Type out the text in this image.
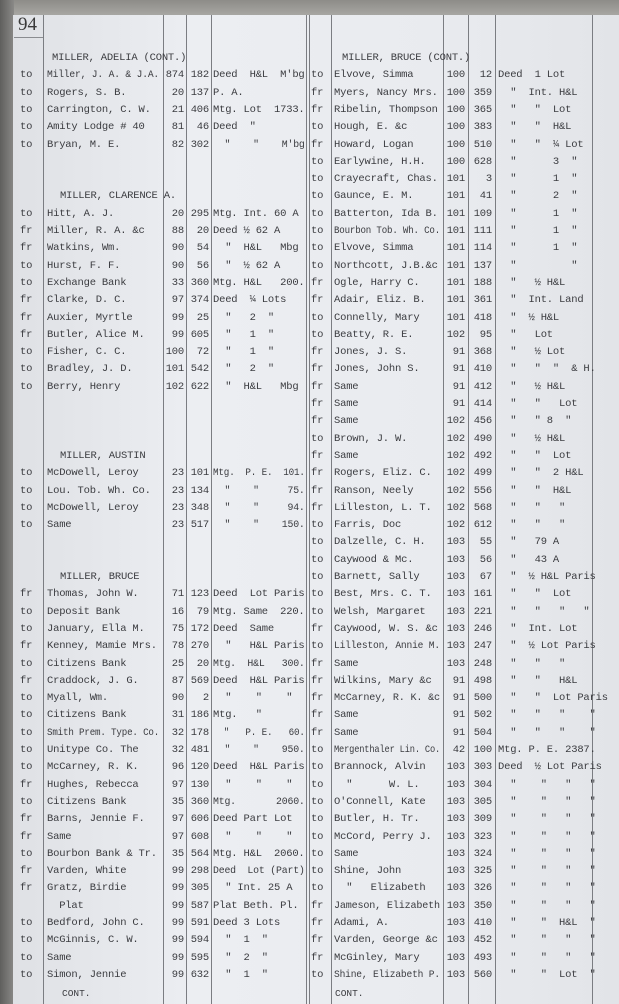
94
MILLER, ADELIA (CONT.)
to Miller, J. A. & J.A. 874 182 Deed  H&L  M'bg
to Rogers, S. B.	20 137 P. A.
to Carrington, C. W.	21 406 Mtg. Lot  1733.
to Amity Lodge # 40	81	46 Deed  "
to Bryan, M. E.	82 302 "    "    M'bg
MILLER, CLARENCE A.
to Hitt, A. J.	20 295 Mtg. Int. 60 A
fr Miller, R. A. &c	88	20 Deed ½ 62 A
fr Watkins, Wm.	90	54 "  H&L   Mbg
to Hurst, F. F.	90	56 "  ½ 62 A
to Exchange Bank	33 360 Mtg. H&L   200.
fr Clarke, D. C.	97 374 Deed  ¼ Lots
fr Auxier, Myrtle	99	25 "   2  "
fr Butler, Alice M.	99 605 "   1  "
to Fisher, C. C.	100	72 "   1  "
to Bradley, J. D.	101 542 "   2  "
to Berry, Henry	102 622 "  H&L   Mbg
MILLER, AUSTIN
to McDowell, Leroy	23 101 Mtg.  P. E.  101.
to Lou. Tob. Wh. Co.	23 134 "    "     75.
to McDowell, Leroy	23 348 "    "     94.
to Same	23 517 "    "    150.
MILLER, BRUCE
fr Thomas, John W.	71 123 Deed  Lot Paris
to Deposit Bank	16	79 Mtg. Same  220.
to January, Ella M.	75 172 Deed  Same
fr Kenney, Mamie Mrs.	78 270 "   H&L Paris
to Citizens Bank	25	20 Mtg.  H&L   300.
fr Craddock, J. G.	87 569 Deed  H&L Paris
to Myall, Wm.	90	2 "    "    "
to Citizens Bank	31 186 Mtg.   "
to Smith Prem. Type. Co.	32 178 "   P. E.   60.
to Unitype Co. The	32 481 "    "    950.
to McCarney, R. K.	96 120 Deed  H&L Paris
fr Hughes, Rebecca	97 130 "    "    "
to Citizens Bank	35 360 Mtg.       2060.
fr Barns, Jennie F.	97 606 Deed Part Lot
fr Same	97 608 "    "    "
to Bourbon Bank & Tr.	35 564 Mtg. H&L  2060.
fr Varden, White	99 298 Deed  Lot (Part)
fr Gratz, Birdie	99 305 " Int. 25 A
Plat	99 587 Plat Beth. Pl.
to Bedford, John C.	99 591 Deed 3 Lots
to McGinnis, C. W.	99 594 "  1  "
to Same	99 595 "  2  "
to Simon, Jennie	99 632 "  1  "
MILLER, BRUCE (CONT.)
to Elvove, Simma	100	12 Deed  1 Lot
fr Myers, Nancy Mrs. 100 359 "  Int. H&L
fr Ribelin, Thompson 100 365 "   "  Lot
to Hough, E. &c	100 383 "   "  H&L
fr Howard, Logan	100 510 "   "  ¼ Lot
to Earlywine, H.H. 100 628 "      3  "
to Crayecraft, Chas. 101	3 "      1  "
to Gaunce, E. M.	101	41 "      2  "
to Batterton, Ida B. 101 109 "      1  "
to Bourbon Tob. Wh. Co. 101 111 "      1  "
to Elvove, Simma	101 114 "      1  "
to Northcott, J.B.&c 101 137 "         "
fr Ogle, Harry C.	101 188 "   ½ H&L
fr Adair, Eliz. B. 101 361 "  Int. Land
to Connelly, Mary	101 418 "  ½ H&L
to Beatty, R. E.	102	95 "   Lot
fr Jones, J. S.	91 368 "   ½ Lot
fr Jones, John S.	91 410 "   "  "  & H.
fr Same	91 412 "   ½ H&L
fr Same	91 414 "   "   Lot
fr Same	102 456 "   " 8  "
to Brown, J. W.	102 490 "   ½ H&L
fr Same	102 492 "   "  Lot
fr Rogers, Eliz. C. 102 499 "   "  2 H&L
fr Ranson, Neely	102 556 "   "  H&L
fr Lilleston, L. T. 102 568 "   "   "
to Farris, Doc	102 612 "   "   "
to Dalzelle, C. H. 103	55 "   79 A
to Caywood & Mc.	103	56 "   43 A
to Barnett, Sally	103	67 "  ½ H&L Paris
to Best, Mrs. C. T. 103 161 "   "  Lot
to Welsh, Margaret 103 221 "   "   "   "
fr Caywood, W. S. &c 103 246 "  Int. Lot
to Lilleston, Annie M. 103 247 "  ½ Lot Paris
fr Same	103 248 "   "   "
fr Wilkins, Mary &c	91 498 "   "   H&L
fr McCarney, R. K. &c	91 500 "   "  Lot Paris
fr Same	91 502 "   "   "    "
fr Same	91 504 "   "   "    "
to Mergenthaler Lin. Co.	42 100 Mtg. P. E. 2387.
to Brannock, Alvin 103 303 Deed  ½ Lot Paris
to "      W. L.	103 304 "    "   "   "
to O'Connell, Kate 103 305 "    "   "   "
to Butler, H. Tr.	103 309 "    "   "   "
to McCord, Perry J. 103 323 "    "   "   "
to Same	103 324 "    "   "   "
to Shine, John	103 325 "    "   "   "
to "   Elizabeth 103 326 "    "   "   "
fr Jameson, Elizabeth 103 350 "    "   "   "
fr Adami, A.	103 410 "    "  H&L  "
fr Varden, George &c 103 452 "    "   "   "
fr McGinley, Mary	103 493 "    "   "   "
to Shine, Elizabeth P. 103 560 "    "  Lot  "
CONT.	CONT.
